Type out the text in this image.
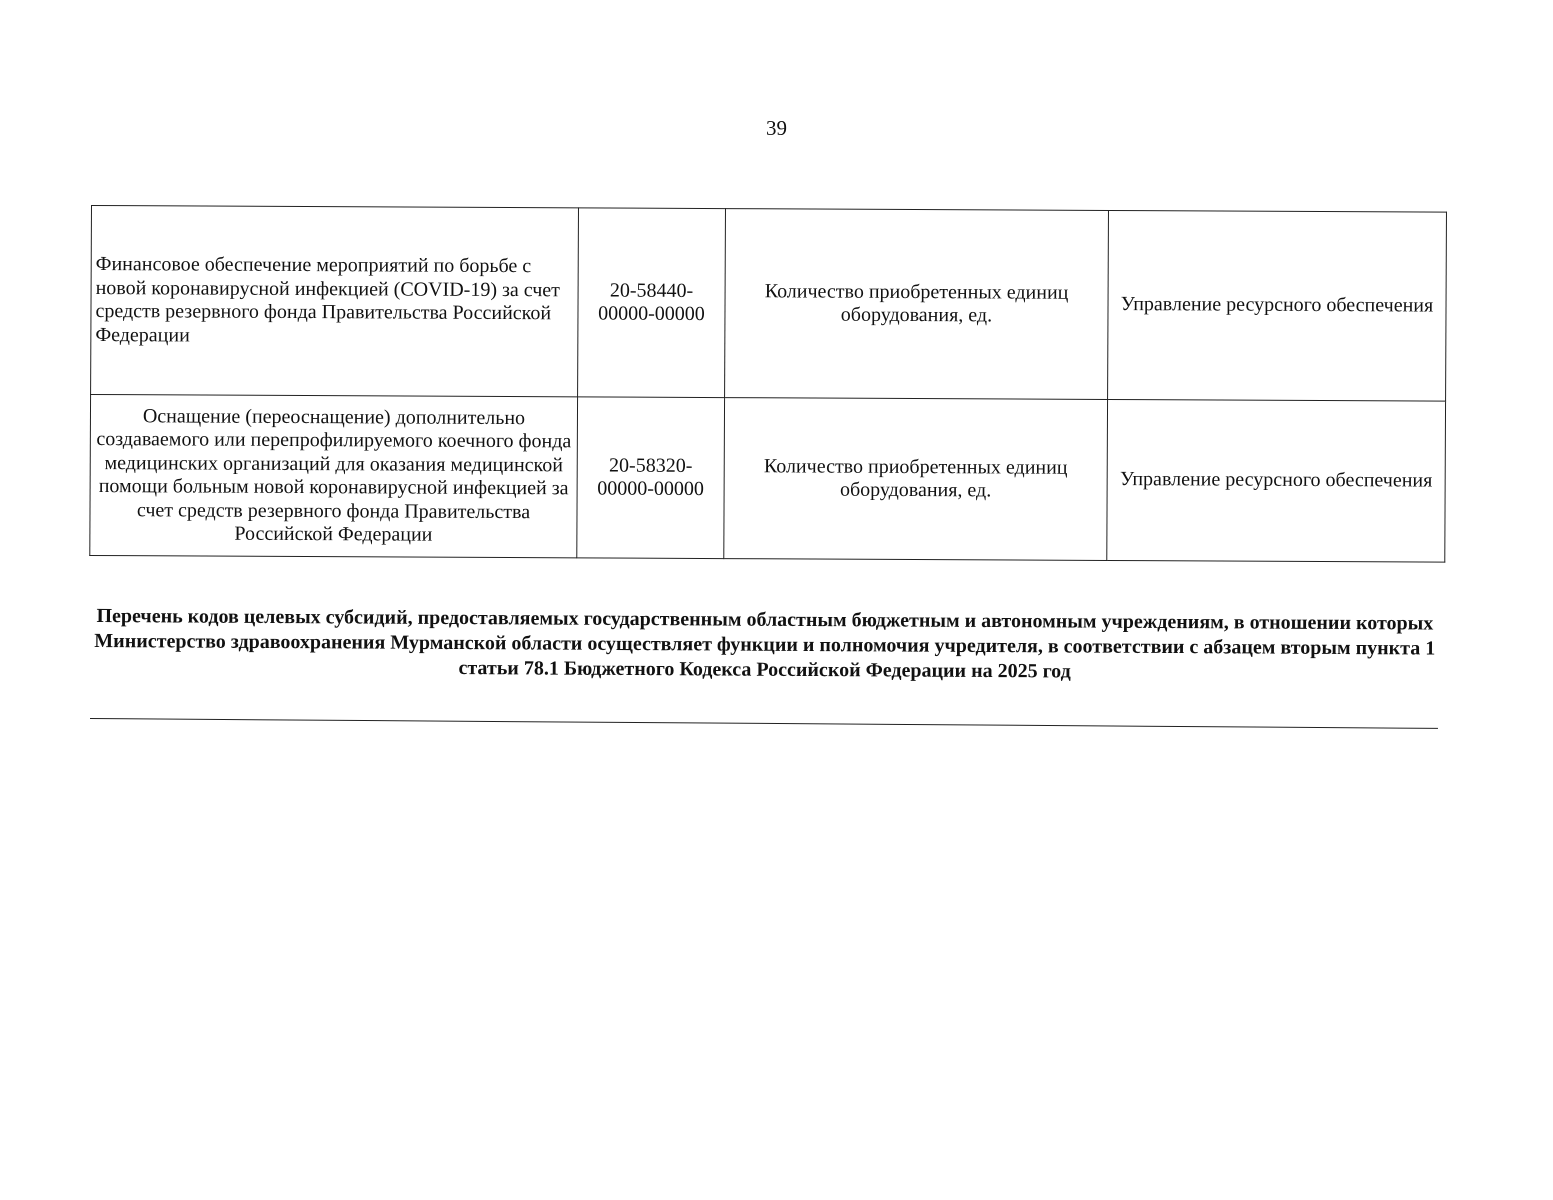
39
Финансовое обеспечение мероприятий по борьбе с новой коронавирусной инфекцией (COVID-19) за счет средств резервного фонда Правительства Российской Федерации	20-58440-00000-00000	Количество приобретенных единиц оборудования, ед.	Управление ресурсного обеспечения
Оснащение (переоснащение) дополнительно создаваемого или перепрофилируемого коечного фонда медицинских организаций для оказания медицинской помощи больным новой коронавирусной инфекцией за счет средств резервного фонда Правительства Российской Федерации	20-58320-00000-00000	Количество приобретенных единиц оборудования, ед.	Управление ресурсного обеспечения
Перечень кодов целевых субсидий, предоставляемых государственным областным бюджетным и автономным учреждениям, в отношении которых Министерство здравоохранения Мурманской области осуществляет функции и полномочия учредителя, в соответствии с абзацем вторым пункта 1 статьи 78.1 Бюджетного Кодекса Российской Федерации на 2025 год
